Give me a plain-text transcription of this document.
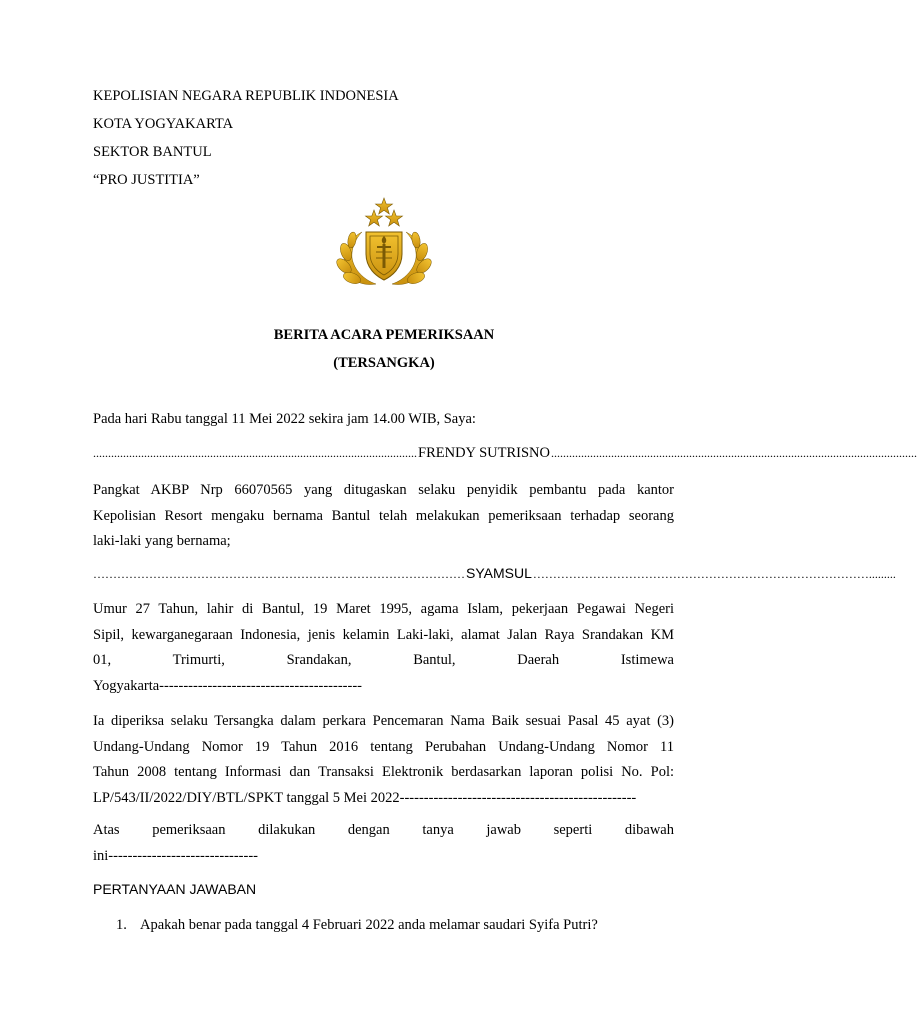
KEPOLISIAN NEGARA REPUBLIK INDONESIA
KOTA YOGYAKARTA
SEKTOR BANTUL
“PRO JUSTITIA”
BERITA ACARA PEMERIKSAAN
(TERSANGKA)
Pada hari Rabu tanggal 11 Mei 2022 sekira jam 14.00 WIB, Saya:
............................................................................................................ FRENDY SUTRISNO ..........................................................................................................................
Pangkat AKBP Nrp 66070565 yang ditugaskan selaku penyidik pembantu pada kantor
Kepolisian Resort mengaku bernama Bantul telah melakukan pemeriksaan terhadap seorang
laki-laki yang bernama;
………………………………………………………………………………… SYAMSUL ………………………………………………………………………….........
Umur 27 Tahun, lahir di Bantul, 19 Maret 1995, agama Islam, pekerjaan Pegawai Negeri
Sipil, kewarganegaraan Indonesia, jenis kelamin Laki-laki, alamat Jalan Raya Srandakan KM
01, Trimurti, Srandakan, Bantul, Daerah Istimewa
Yogyakarta------------------------------------------
Ia diperiksa selaku Tersangka dalam perkara Pencemaran Nama Baik sesuai Pasal 45 ayat (3)
Undang-Undang Nomor 19 Tahun 2016 tentang Perubahan Undang-Undang Nomor 11
Tahun 2008 tentang Informasi dan Transaksi Elektronik berdasarkan laporan polisi No. Pol:
LP/543/II/2022/DIY/BTL/SPKT tanggal 5 Mei 2022-------------------------------------------------
Atas pemeriksaan dilakukan dengan tanya jawab seperti dibawah
ini-------------------------------
PERTANYAAN JAWABAN
1. Apakah benar pada tanggal 4 Februari 2022 anda melamar saudari Syifa Putri?
